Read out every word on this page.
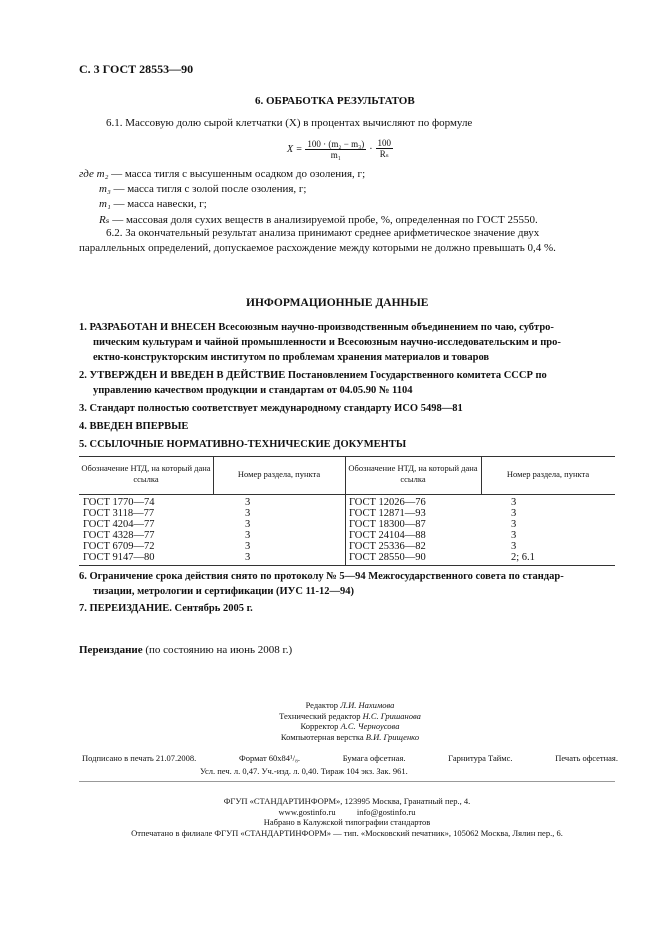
С. 3 ГОСТ 28553—90
6. ОБРАБОТКА РЕЗУЛЬТАТОВ
6.1. Массовую долю сырой клетчатки (X) в процентах вычисляют по формуле
$X = \frac{\text{100 · (m₂ − m₃)}}{\text{m₁}} \cdot \frac{100}{\text{Rₛ}}$
где m₂ — масса тигля с высушенным осадком до озоления, г;
m₃ — масса тигля с золой после озоления, г;
m₁ — масса навески, г;
Rₛ — массовая доля сухих веществ в анализируемой пробе, %, определенная по ГОСТ 25550.
6.2. За окончательный результат анализа принимают среднее арифметическое значение двух
параллельных определений, допускаемое расхождение между которыми не должно превышать 0,4 %.
ИНФОРМАЦИОННЫЕ ДАННЫЕ
1. РАЗРАБОТАН И ВНЕСЕН Всесоюзным научно-производственным объединением по чаю, субтро-
пическим культурам и чайной промышленности и Всесоюзным научно-исследовательским и про-
ектно-конструкторским институтом по проблемам хранения материалов и товаров
2. УТВЕРЖДЕН И ВВЕДЕН В ДЕЙСТВИЕ Постановлением Государственного комитета СССР по
управлению качеством продукции и стандартам от 04.05.90 № 1104
3. Стандарт полностью соответствует международному стандарту ИСО 5498—81
4. ВВЕДЕН ВПЕРВЫЕ
5. ССЫЛОЧНЫЕ НОРМАТИВНО-ТЕХНИЧЕСКИЕ ДОКУМЕНТЫ
Обозначение НТД, на который дана ссылка	Номер раздела, пункта
Обозначение НТД, на который дана ссылка	Номер раздела, пункта
ГОСТ 1770—74	3	ГОСТ 12026—76	3
ГОСТ 3118—77	3	ГОСТ 12871—93	3
ГОСТ 4204—77	3	ГОСТ 18300—87	3
ГОСТ 4328—77	3	ГОСТ 24104—88	3
ГОСТ 6709—72	3	ГОСТ 25336—82	3
ГОСТ 9147—80	3	ГОСТ 28550—90	2; 6.1
6. Ограничение срока действия снято по протоколу № 5—94 Межгосударственного совета по стандар-
тизации, метрологии и сертификации (ИУС 11-12—94)
7. ПЕРЕИЗДАНИЕ. Сентябрь 2005 г.
Переиздание (по состоянию на июнь 2008 г.)
Редактор Л.И. Нахимова
Технический редактор Н.С. Гришанова
Корректор А.С. Черноусова
Компьютерная верстка В.И. Грищенко
Подписано в печать 21.07.2008.	Формат 60х84¹/₈.	Бумага офсетная.	Гарнитура Таймс.	Печать офсетная.
Усл. печ. л. 0,47. Уч.-изд. л. 0,40. Тираж 104 экз. Зак. 961.
ФГУП «СТАНДАРТИНФОРМ», 123995 Москва, Гранатный пер., 4.
www.gostinfo.ru          info@gostinfo.ru
Набрано в Калужской типографии стандартов
Отпечатано в филиале ФГУП «СТАНДАРТИНФОРМ» — тип. «Московский печатник», 105062 Москва, Лялин пер., 6.
